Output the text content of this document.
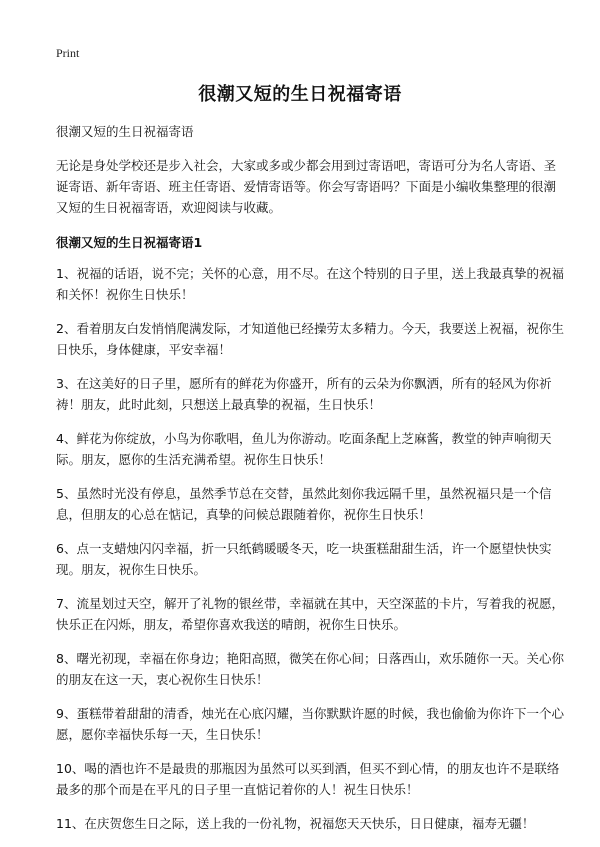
Print
很潮又短的生日祝福寄语
很潮又短的生日祝福寄语
无论是身处学校还是步入社会，大家或多或少都会用到过寄语吧，寄语可分为名人寄语、圣诞寄语、新年寄语、班主任寄语、爱情寄语等。你会写寄语吗？下面是小编收集整理的很潮又短的生日祝福寄语，欢迎阅读与收藏。
很潮又短的生日祝福寄语1
1、祝福的话语，说不完；关怀的心意，用不尽。在这个特别的日子里，送上我最真挚的祝福和关怀！祝你生日快乐！
2、看着朋友白发悄悄爬满发际，才知道他已经操劳太多精力。今天，我要送上祝福，祝你生日快乐，身体健康，平安幸福！
3、在这美好的日子里，愿所有的鲜花为你盛开，所有的云朵为你飘洒，所有的轻风为你祈祷！朋友，此时此刻，只想送上最真挚的祝福，生日快乐！
4、鲜花为你绽放，小鸟为你歌唱，鱼儿为你游动。吃面条配上芝麻酱，教堂的钟声响彻天际。朋友，愿你的生活充满希望。祝你生日快乐！
5、虽然时光没有停息，虽然季节总在交替，虽然此刻你我远隔千里，虽然祝福只是一个信息，但朋友的心总在惦记，真挚的问候总跟随着你，祝你生日快乐！
6、点一支蜡烛闪闪幸福，折一只纸鹤暖暖冬天，吃一块蛋糕甜甜生活，许一个愿望快快实现。朋友，祝你生日快乐。
7、流星划过天空，解开了礼物的银丝带，幸福就在其中，天空深蓝的卡片，写着我的祝愿，快乐正在闪烁，朋友，希望你喜欢我送的晴朗，祝你生日快乐。
8、曙光初现，幸福在你身边；艳阳高照，微笑在你心间；日落西山，欢乐随你一天。关心你的朋友在这一天，衷心祝你生日快乐！
9、蛋糕带着甜甜的清香，烛光在心底闪耀，当你默默许愿的时候，我也偷偷为你许下一个心愿，愿你幸福快乐每一天，生日快乐！
10、喝的酒也许不是最贵的那瓶因为虽然可以买到酒，但买不到心情，的朋友也许不是联络最多的那个而是在平凡的日子里一直惦记着你的人！祝生日快乐！
11、在庆贺您生日之际，送上我的一份礼物，祝福您天天快乐，日日健康，福寿无疆！
